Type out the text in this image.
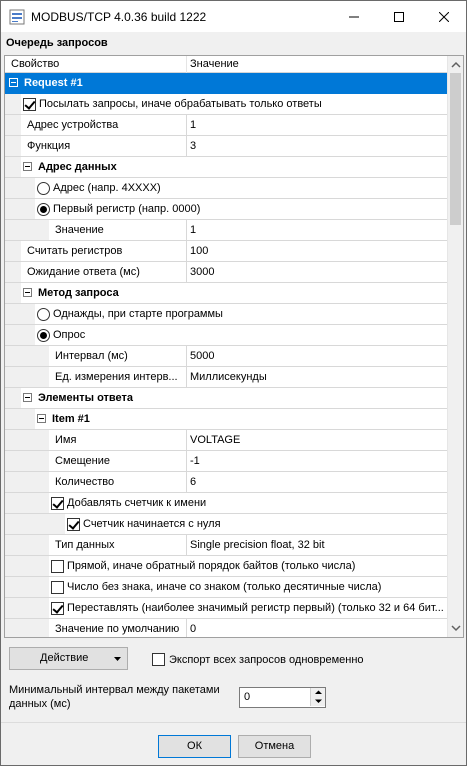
MODBUS/TCP 4.0.36 build 1222
Очередь запросов
Свойство	Значение
Request #1
Посылать запросы, иначе обрабатывать только ответы
Адрес устройства	1
Функция	3
Адрес данных
Адрес (напр. 4XXXX)
Первый регистр (напр. 0000)
Значение	1
Считать регистров	100
Ожидание ответа (мс)	3000
Метод запроса
Однажды, при старте программы
Опрос
Интервал (мс)	5000
Ед. измерения интерв... Миллисекунды
Элементы ответа
Item #1
Имя	VOLTAGE
Смещение	-1
Количество	6
Добавлять счетчик к имени
Счетчик начинается с нуля
Тип данных	Single precision float, 32 bit
Прямой, иначе обратный порядок байтов (только числа)
Число без знака, иначе со знаком (только десятичные числа)
Переставлять (наиболее значимый регистр первый) (только 32 и 64 бит...
Значение по умолчанию 0
Действие	Экспорт всех запросов одновременно
Минимальный интервал между пакетами
данных (мс)
0
ОК	Отмена
